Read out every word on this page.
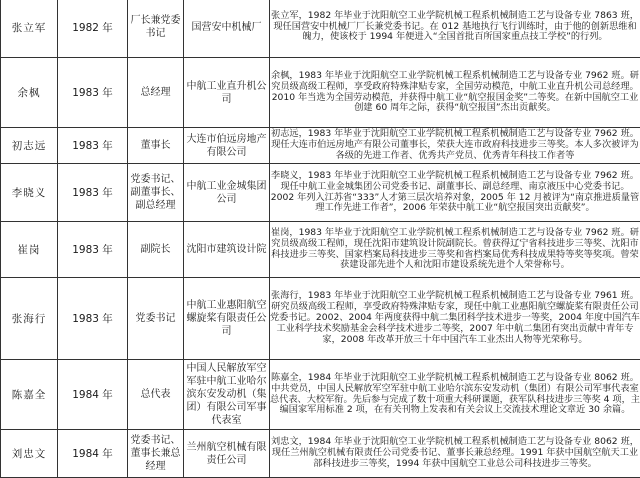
张立军	1982 年	厂长兼党委书记	国营安中机械厂	张立军，1982 年毕业于沈阳航空工业学院机械工程系机械制造工艺与设备专业 7863 班，现任国营安中机械厂厂长兼党委书记。在 012 基地执行飞行训练时，由于他的创新思维和魄力，使该校于 1994 年便进入“全国首批百所国家重点技工学校”的行列。

余枫	1983 年	总经理	中航工业直升机公司	余枫，1983 年毕业于沈阳航空工业学院机械工程系机械制造工艺与设备专业 7962 班。研究员级高级工程师，享受政府特殊津贴专家，全国劳动模范，中航工业直升机公司总经理。2010 年当选为全国劳动模范，并获得中航工业“航空报国金奖”二等奖。在新中国航空工业创建 60 周年之际，获得“航空报国”杰出贡献奖。

初志远	1983 年	董事长	大连市伯远房地产有限公司	初志远，1983 年毕业于沈阳航空工业学院机械工程系机械制造工艺与设备专业 7962 班。现任大连市伯远房地产有限公司董事长，荣获大连市政府科技进步三等奖。本人多次被评为各级的先进工作者、优秀共产党员、优秀青年科技工作者等

李晓义	1983 年	党委书记、副董事长、副总经理	中航工业金城集团公司	李晓义，1983 年毕业于沈阳航空工业学院机械工程系机械制造工艺与设备专业 7962 班。现任中航工业金城集团公司党委书记、副董事长、副总经理、南京液压中心党委书记。2002 年列入江苏省“333”人才第三层次培养对象，2005 年 12 月被评为“南京推进质量管理工作先进工作者”，2006 年荣获中航工业“航空报国突出贡献奖”。

崔岗	1983 年	副院长	沈阳市建筑设计院	崔岗，1983 年毕业于沈阳航空工业学院机械工程系机械制造工艺与设备专业 7962 班。研究员级高级工程师，现任沈阳市建筑设计院副院长。曾获得辽宁省科技进步三等奖、沈阳市科技进步三等奖、国家档案局科技进步三等奖和省档案局优秀科技成果特等奖等奖项。曾荣获建设部先进个人和沈阳市建设系统先进个人荣誉称号。

张海行	1983 年	党委书记	中航工业惠阳航空螺旋桨有限责任公司	张海行，1983 年毕业于沈阳航空工业学院机械工程系机械制造工艺与设备专业 7961 班。研究员级高级工程师，享受政府特殊津贴专家，现任中航工业惠阳航空螺旋桨有限责任公司党委书记。2002、2004 年两度获得中航二集团科学技术进步一等奖，2004 年度中国汽车工业科学技术奖励基金会科学技术进步二等奖，2007 年中航二集团有突出贡献中青年专家，2008 年改革开放三十年中国汽车工业杰出人物等光荣称号。

陈嘉全	1984 年	总代表	中国人民解放军空军驻中航工业哈尔滨东安发动机（集团）有限公司军事代表室	陈嘉全，1984 年毕业于沈阳航空工业学院机械工程系机械制造工艺与设备专业 8062 班。中共党员，中国人民解放军空军驻中航工业哈尔滨东安发动机（集团）有限公司军事代表室总代表、大校军衔。先后参与完成了数十项重大科研课题，获军队科技进步三等奖 4 项，主编国家军用标准 2 项，在有关刊物上发表和有关会议上交流技术理论文章近 30 余篇。

刘忠文	1984 年	党委书记、董事长兼总经理	兰州航空机械有限责任公司	刘忠文，1984 年毕业于沈阳航空工业学院机械工程系机械制造工艺与设备专业 8062 班，现任兰州航空机械有限责任公司党委书记、董事长兼总经理。1991 年获中国航空航天工业部科技进步三等奖，1994 年获中国航空工业总公司科技进步三等奖。
